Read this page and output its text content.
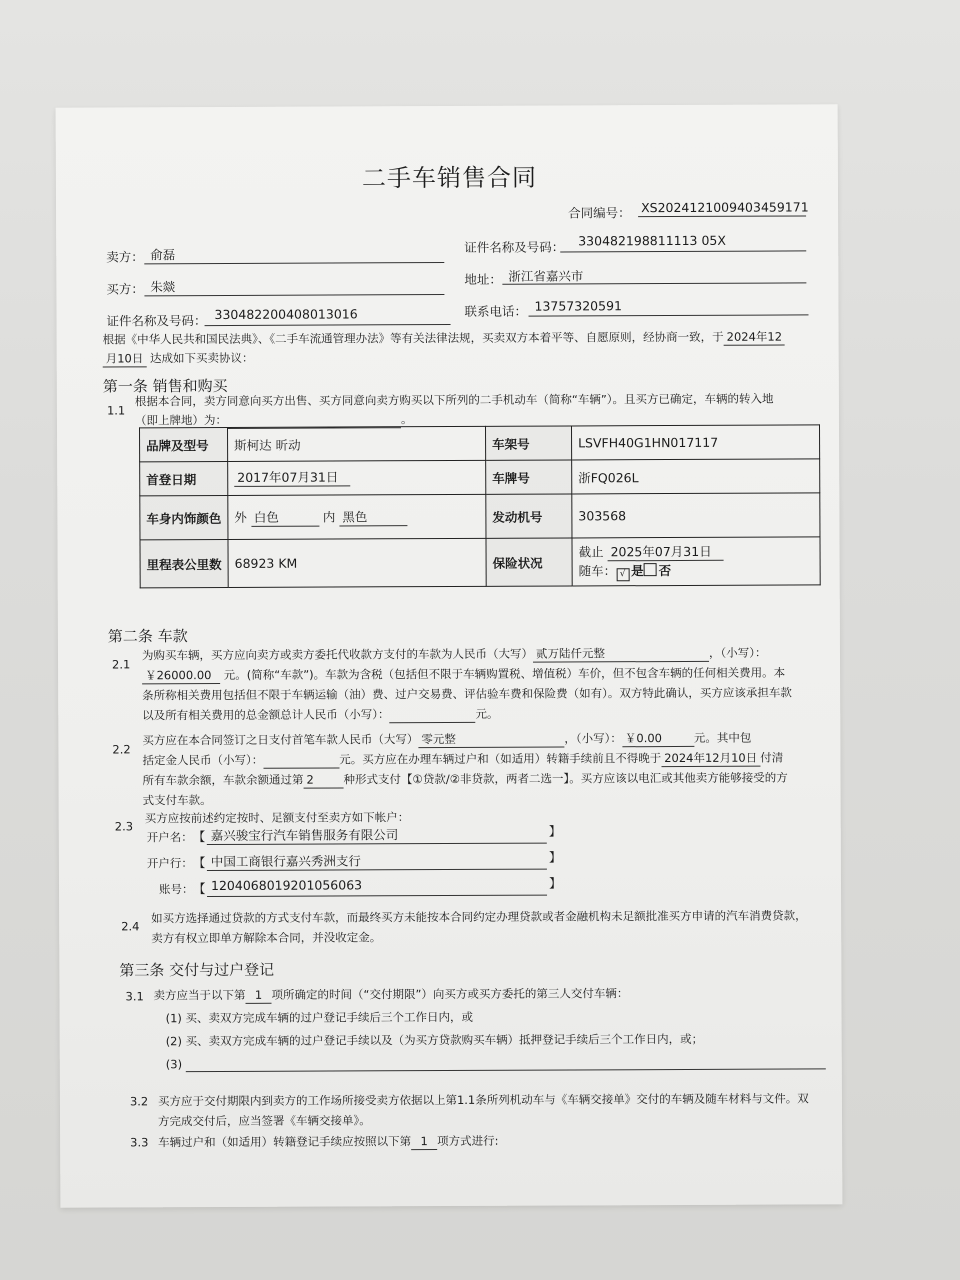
二手车销售合同
合同编号： XS2024121009403459171
卖方： 俞磊	证件名称及号码： 330482198811113 05X
买方： 朱燚	地址： 浙江省嘉兴市
证件名称及号码： 330482200408013016	联系电话： 13757320591
根据《中华人民共和国民法典》、《二手车流通管理办法》等有关法律法规，买卖双方本着平等、自愿原则，经协商一致，于 2024年12
月10日 达成如下买卖协议：
第一条 销售和购买
1.1
根据本合同，卖方同意向买方出售、买方同意向卖方购买以下所列的二手机动车（简称“车辆”）。且买方已确定，车辆的转入地
（即上牌地）为：	。
品牌及型号	斯柯达 昕动	车架号	LSVFH40G1HN017117
首登日期	2017年07月31日	车牌号	浙FQ026L
车身内饰颜色	外 白色 内 黑色	发动机号	303568
里程表公里数	68923 KM	保险状况	截止 2025年07月31日
随车： √ 是 否
第二条 车款
2.1
为购买车辆，买方应向卖方或卖方委托代收款方支付的车款为人民币（大写） 贰万陆仟元整	，（小写）：
￥26000.00 元。(简称“车款”)。车款为含税（包括但不限于车辆购置税、增值税）车价，但不包含车辆的任何相关费用。本
条所称相关费用包括但不限于车辆运输（油）费、过户交易费、评估验车费和保险费（如有）。双方特此确认，买方应该承担车款
以及所有相关费用的总金额总计人民币（小写）：	元。
2.2
买方应在本合同签订之日支付首笔车款人民币（大写） 零元整	，（小写）： ￥0.00	元。其中包
括定金人民币（小写）：	元。买方应在办理车辆过户和（如适用）转籍手续前且不得晚于 2024年12月10日 付清
所有车款余额，车款余额通过第 2	种形式支付【①贷款/②非贷款，两者二选一】。买方应该以电汇或其他卖方能够接受的方
式支付车款。
2.3
买方应按前述约定按时、足额支付至卖方如下帐户：
开户名： 【 嘉兴骏宝行汽车销售服务有限公司	】
开户行： 【 中国工商银行嘉兴秀洲支行	】
账号： 【 1204068019201056063	】
2.4
如买方选择通过贷款的方式支付车款，而最终买方未能按本合同约定办理贷款或者金融机构未足额批准买方申请的汽车消费贷款，
卖方有权立即单方解除本合同，并没收定金。
第三条 交付与过户登记
3.1 卖方应当于以下第 1 项所确定的时间（“交付期限”）向买方或买方委托的第三人交付车辆：
(1) 买、卖双方完成车辆的过户登记手续后三个工作日内，或
(2) 买、卖双方完成车辆的过户登记手续以及（为买方贷款购买车辆）抵押登记手续后三个工作日内，或；
(3)
3.2 买方应于交付期限内到卖方的工作场所接受卖方依据以上第1.1条所列机动车与《车辆交接单》交付的车辆及随车材料与文件。双
方完成交付后，应当签署《车辆交接单》。
3.3 车辆过户和（如适用）转籍登记手续应按照以下第 1 项方式进行:
